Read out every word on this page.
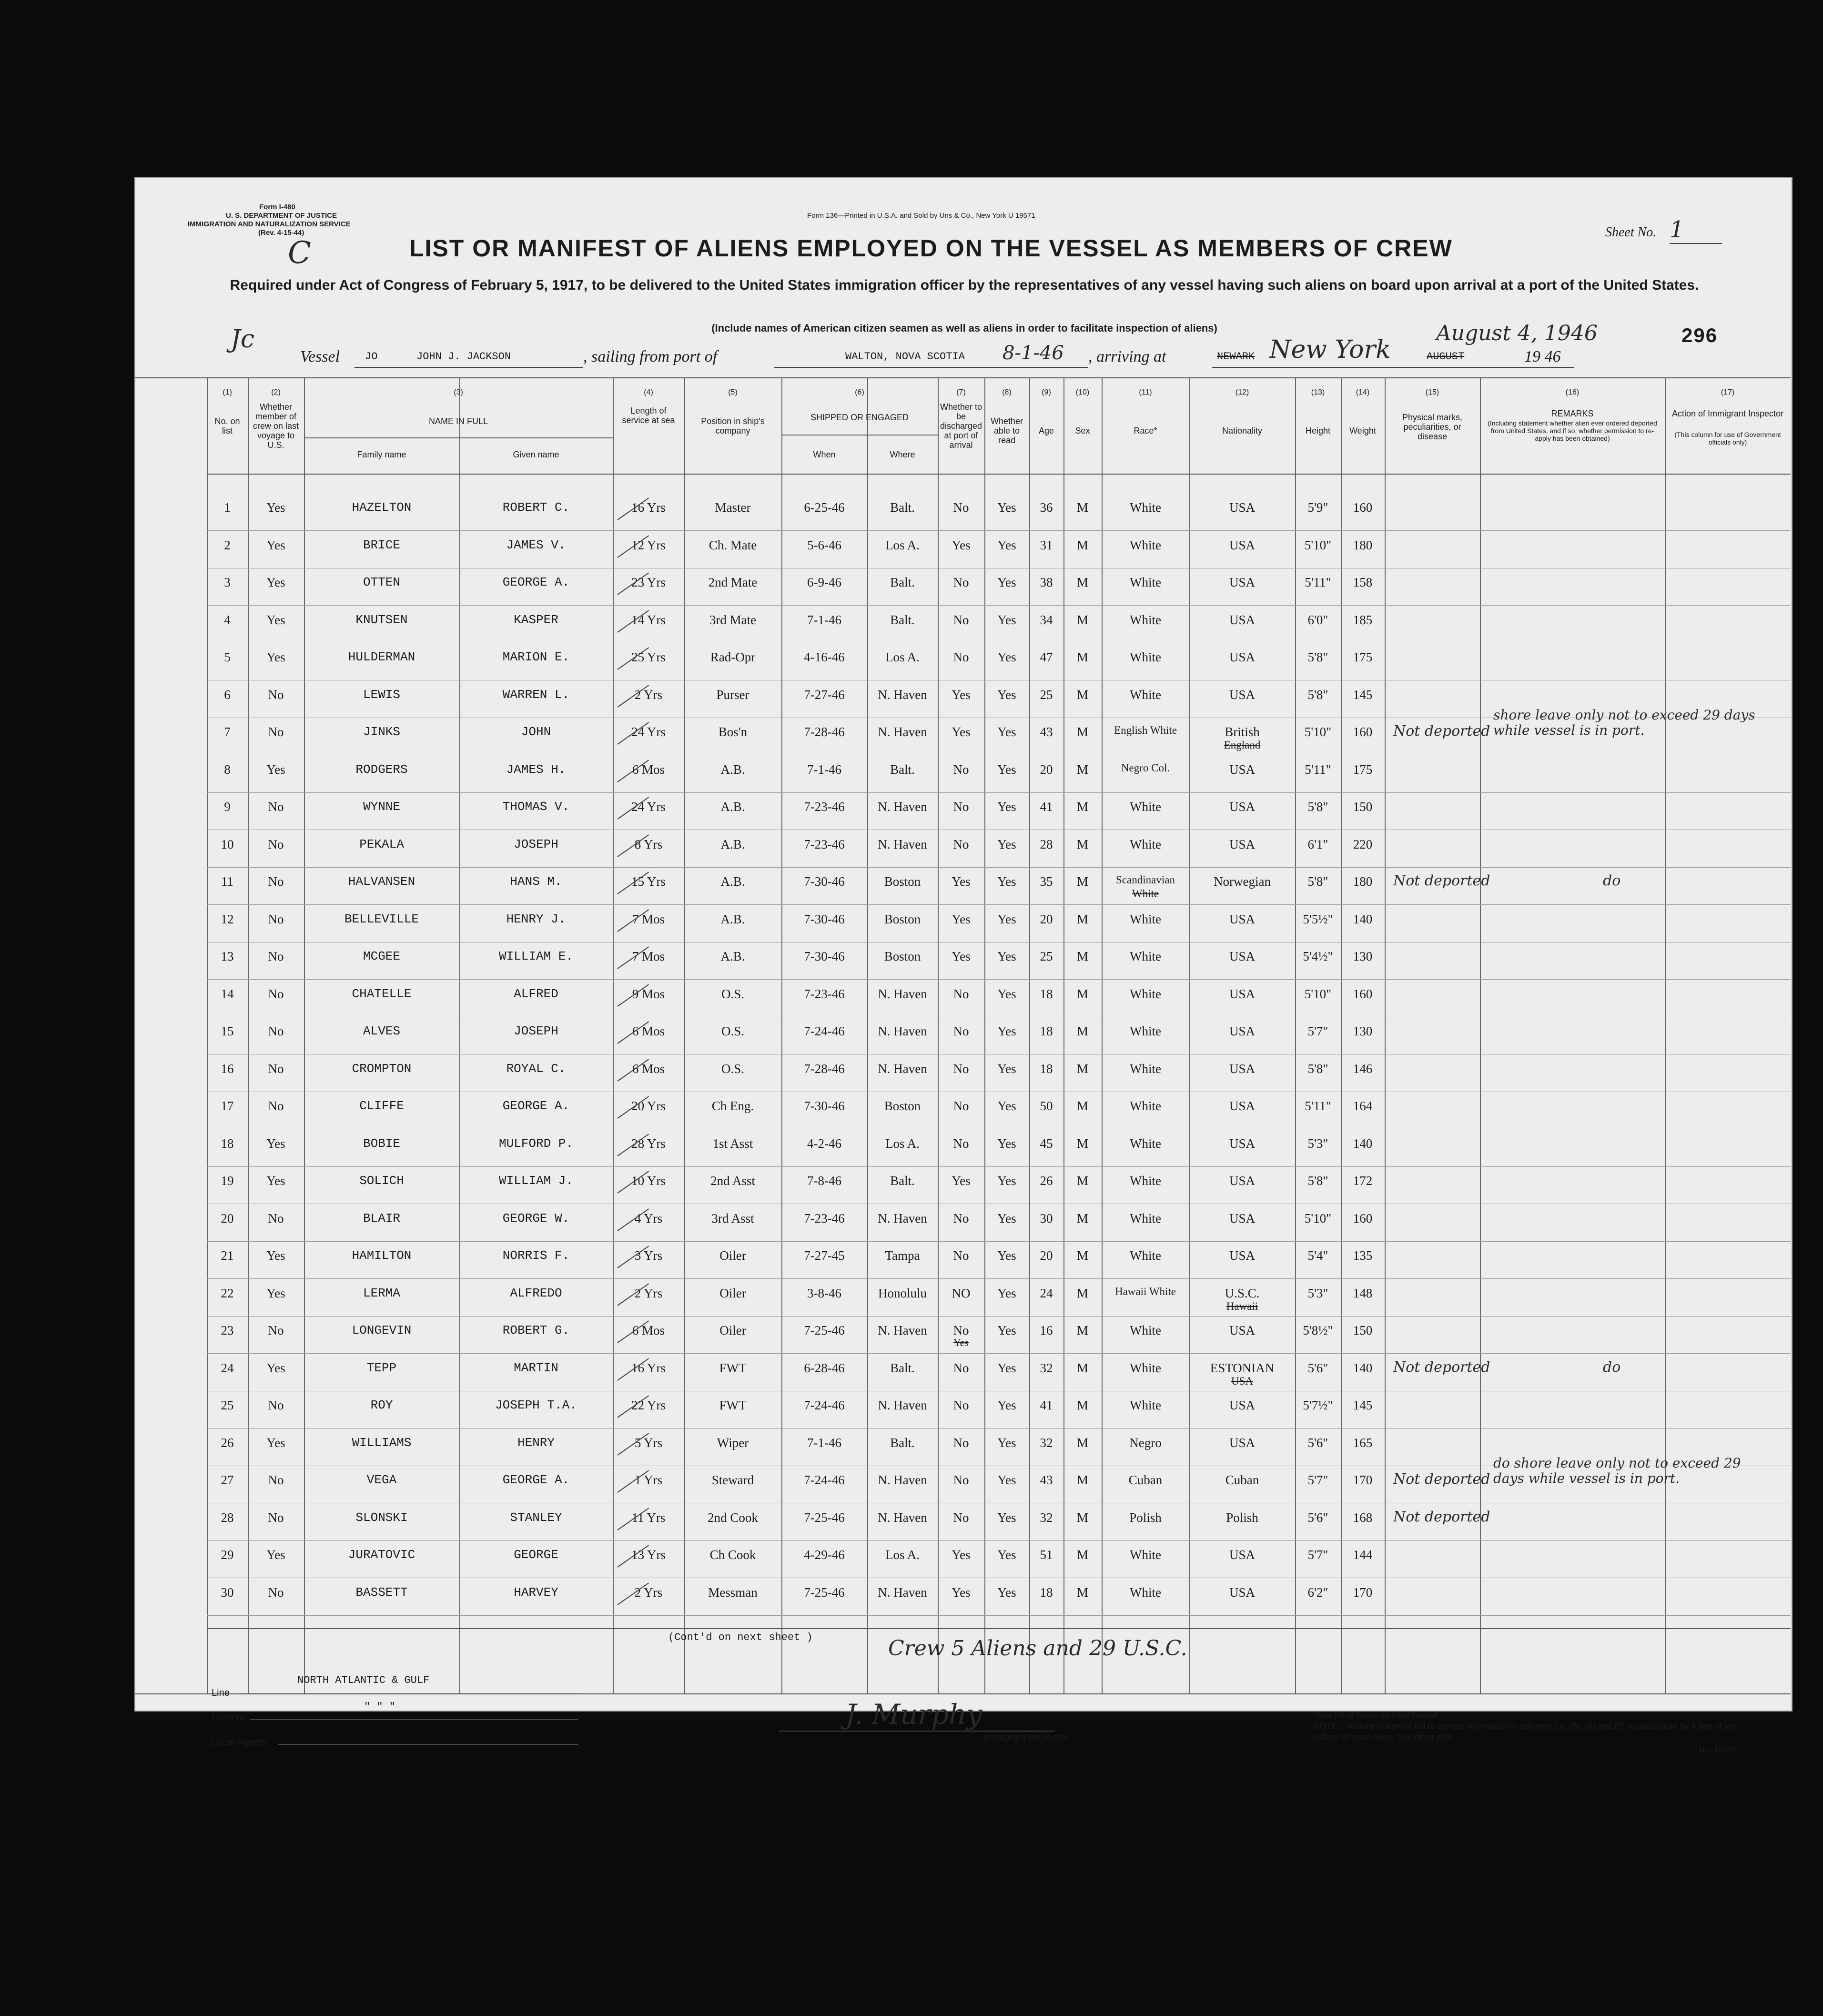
Form I-480
U. S. DEPARTMENT OF JUSTICE
IMMIGRATION AND NATURALIZATION SERVICE
(Rev. 4-15-44)
C
Form 136—Printed in U.S.A. and Sold by Uns & Co., New York U 19571
Sheet No. 1
LIST OR MANIFEST OF ALIENS EMPLOYED ON THE VESSEL AS MEMBERS OF CREW
Required under Act of Congress of February 5, 1917, to be delivered to the United States immigration officer by the representatives of any vessel having such aliens on board upon arrival at a port of the United States.
(Include names of American citizen seamen as well as aliens in order to facilitate inspection of aliens)
Jc
Vessel JO	JOHN J. JACKSON	, sailing from port of	WALTON, NOVA SCOTIA 8-1-46 , arriving at	NEWARK New York	AUGUST
August 4, 1946
19 46
296
(1)
No. on list
(2)
Whether member of crew on last voyage to U.S.
(3)
NAME IN FULL
Family name	Given name
(4)
Length of service at sea
(5)
Position in ship's company
(6)
SHIPPED OR ENGAGED
When	Where
(7)
Whether to be discharged at port of arrival
(8)
Whether able to read
(9)
Age
(10)
Sex
(11)
Race*
(12)
Nationality
(13)
Height
(14)
Weight
(15)
Physical marks, peculiarities, or disease
(16)
REMARKS
(Including statement whether alien ever ordered deported from United States, and if so, whether permission to re-apply has been obtained)
(17)
Action of Immigrant Inspector
(This column for use of Government officials only)
1	Yes	HAZELTON	ROBERT C.	16 Yrs	Master	6-25-46	Balt.	No	Yes	36	M	White	USA	5'9"	160
2	Yes	BRICE	JAMES V.	12 Yrs	Ch. Mate	5-6-46	Los A.	Yes	Yes	31	M	White	USA	5'10"	180
3	Yes	OTTEN	GEORGE A.	23 Yrs	2nd Mate	6-9-46	Balt.	No	Yes	38	M	White	USA	5'11"	158
4	Yes	KNUTSEN	KASPER	14 Yrs	3rd Mate	7-1-46	Balt.	No	Yes	34	M	White	USA	6'0"	185
5	Yes	HULDERMAN	MARION E.	25 Yrs	Rad-Opr	4-16-46	Los A.	No	Yes	47	M	White	USA	5'8"	175
6	No	LEWIS	WARREN L.	2 Yrs	Purser	7-27-46	N. Haven	Yes	Yes	25	M	White	USA	5'8"	145
7	No	JINKS	JOHN	24 Yrs	Bos'n	7-28-46	N. Haven	Yes	Yes	43	M	English White	British	5'10"	160
England
Not deported
shore leave only not to exceed 29 days while vessel is in port.
8	Yes	RODGERS	JAMES H.	6 Mos	A.B.	7-1-46	Balt.	No	Yes	20	M	Negro Col.	USA	5'11"	175
9	No	WYNNE	THOMAS V.	24 Yrs	A.B.	7-23-46	N. Haven	No	Yes	41	M	White	USA	5'8"	150
10	No	PEKALA	JOSEPH	8 Yrs	A.B.	7-23-46	N. Haven	No	Yes	28	M	White	USA	6'1"	220
11	No	HALVANSEN	HANS M.	15 Yrs	A.B.	7-30-46	Boston	Yes	Yes	35	M	Scandinavian	Norwegian	5'8"	180
White
Not deported	do
12	No	BELLEVILLE	HENRY J.	7 Mos	A.B.	7-30-46	Boston	Yes	Yes	20	M	White	USA	5'5½"	140
13	No	MCGEE	WILLIAM E.	7 Mos	A.B.	7-30-46	Boston	Yes	Yes	25	M	White	USA	5'4½"	130
14	No	CHATELLE	ALFRED	9 Mos	O.S.	7-23-46	N. Haven	No	Yes	18	M	White	USA	5'10"	160
15	No	ALVES	JOSEPH	6 Mos	O.S.	7-24-46	N. Haven	No	Yes	18	M	White	USA	5'7"	130
16	No	CROMPTON	ROYAL C.	6 Mos	O.S.	7-28-46	N. Haven	No	Yes	18	M	White	USA	5'8"	146
17	No	CLIFFE	GEORGE A.	20 Yrs	Ch Eng.	7-30-46	Boston	No	Yes	50	M	White	USA	5'11"	164
18	Yes	BOBIE	MULFORD P.	28 Yrs	1st Asst	4-2-46	Los A.	No	Yes	45	M	White	USA	5'3"	140
19	Yes	SOLICH	WILLIAM J.	10 Yrs	2nd Asst	7-8-46	Balt.	Yes	Yes	26	M	White	USA	5'8"	172
20	No	BLAIR	GEORGE W.	4 Yrs	3rd Asst	7-23-46	N. Haven	No	Yes	30	M	White	USA	5'10"	160
21	Yes	HAMILTON	NORRIS F.	3 Yrs	Oiler	7-27-45	Tampa	No	Yes	20	M	White	USA	5'4"	135
22	Yes	LERMA	ALFREDO	2 Yrs	Oiler	3-8-46	Honolulu	NO	Yes	24	M	Hawaii White	U.S.C.	5'3"	148
Hawaii
23	No	LONGEVIN	ROBERT G.	6 Mos	Oiler	7-25-46	N. Haven	No	Yes	16	M	White	USA	5'8½"	150
Yes
24	Yes	TEPP	MARTIN	16 Yrs	FWT	6-28-46	Balt.	No	Yes	32	M	White	ESTONIAN	5'6"	140
USA
Not deported	do
25	No	ROY	JOSEPH T.A.	22 Yrs	FWT	7-24-46	N. Haven	No	Yes	41	M	White	USA	5'7½"	145
26	Yes	WILLIAMS	HENRY	5 Yrs	Wiper	7-1-46	Balt.	No	Yes	32	M	Negro	USA	5'6"	165
27	No	VEGA	GEORGE A.	1 Yrs	Steward	7-24-46	N. Haven	No	Yes	43	M	Cuban	Cuban	5'7"	170	Not deported
do shore leave only not to exceed 29 days while vessel is in port.
28	No	SLONSKI	STANLEY	11 Yrs	2nd Cook	7-25-46	N. Haven	No	Yes	32	M	Polish	Polish	5'6"	168	Not deported
29	Yes	JURATOVIC	GEORGE	13 Yrs	Ch Cook	4-29-46	Los A.	Yes	Yes	51	M	White	USA	5'7"	144
30	No	BASSETT	HARVEY	2 Yrs	Messman	7-25-46	N. Haven	Yes	Yes	18	M	White	USA	6'2"	170
(Cont'd on next sheet )	Crew 5 Aliens and 29 U.S.C.
Line
NORTH ATLANTIC & GULF
Owners
" " "
Local Agents
J. Murphy
Immigrant Inspector.
*See list of races on back hereof.
NOTE.—Failure to furnish full or correct information in columns (3), (5), (6) and (7) is punishable by a fine of ten dollars for each alien. See other side.
16—19349
